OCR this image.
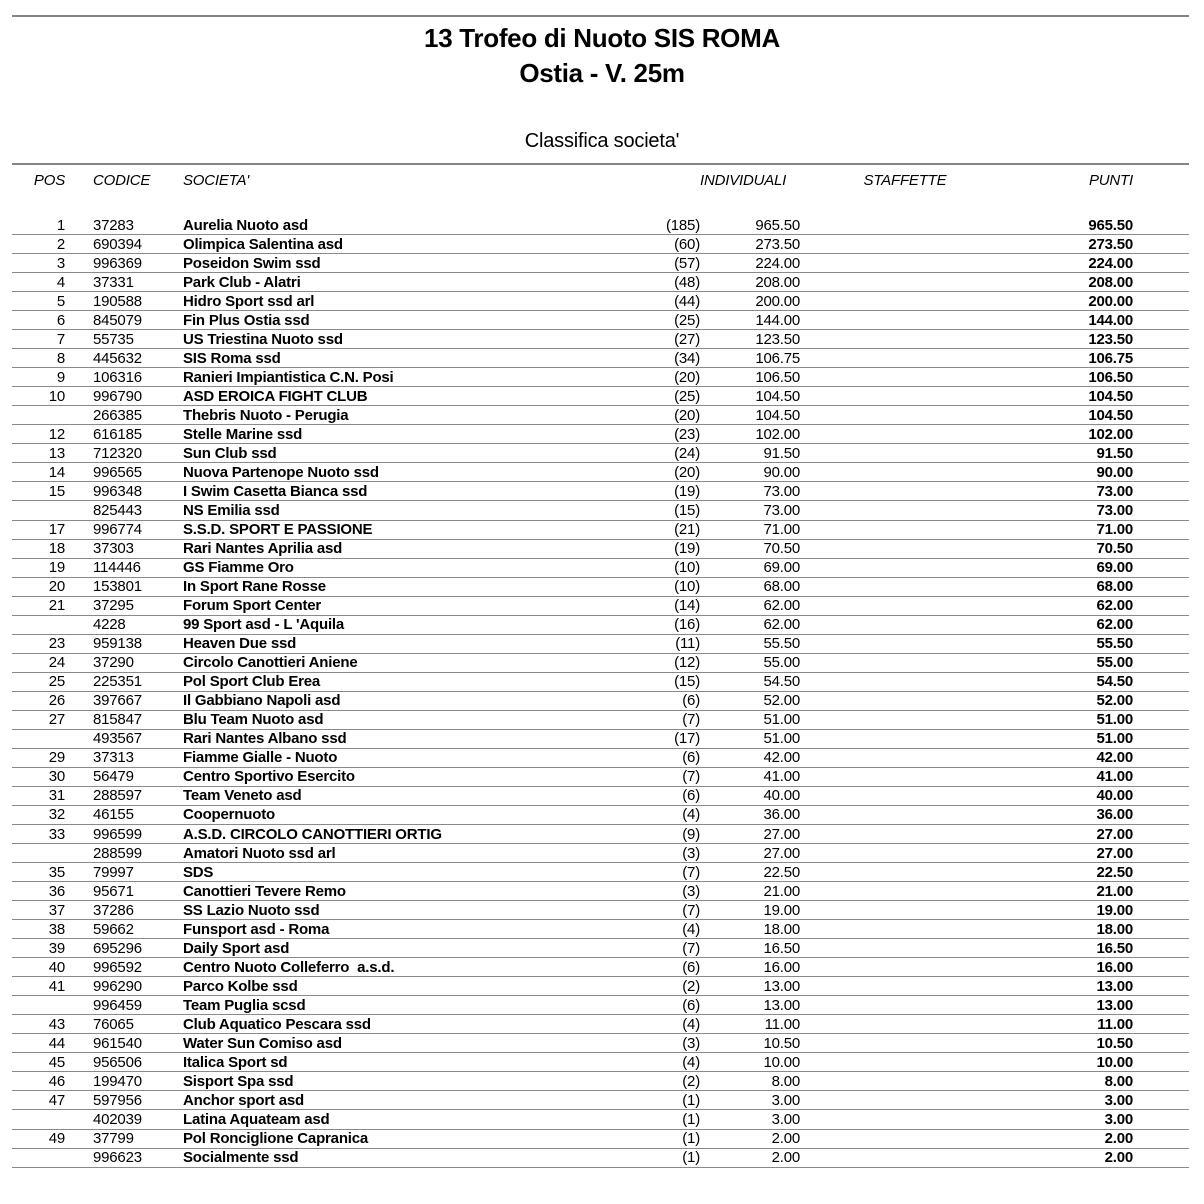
13 Trofeo di Nuoto SIS ROMA
Ostia - V. 25m
Classifica societa'
POS	CODICE	SOCIETA'		INDIVIDUALI	STAFFETTE	PUNTI	
1	37283	Aurelia Nuoto asd	(185)	965.50		965.50	
2	690394	Olimpica Salentina asd	(60)	273.50		273.50	
3	996369	Poseidon Swim ssd	(57)	224.00		224.00	
4	37331	Park Club - Alatri	(48)	208.00		208.00	
5	190588	Hidro Sport ssd arl	(44)	200.00		200.00	
6	845079	Fin Plus Ostia ssd	(25)	144.00		144.00	
7	55735	US Triestina Nuoto ssd	(27)	123.50		123.50	
8	445632	SIS Roma ssd	(34)	106.75		106.75	
9	106316	Ranieri Impiantistica C.N. Posi	(20)	106.50		106.50	
10	996790	ASD EROICA FIGHT CLUB	(25)	104.50		104.50	
	266385	Thebris Nuoto - Perugia	(20)	104.50		104.50	
12	616185	Stelle Marine ssd	(23)	102.00		102.00	
13	712320	Sun Club ssd	(24)	91.50		91.50	
14	996565	Nuova Partenope Nuoto ssd	(20)	90.00		90.00	
15	996348	I Swim Casetta Bianca ssd	(19)	73.00		73.00	
	825443	NS Emilia ssd	(15)	73.00		73.00	
17	996774	S.S.D. SPORT E PASSIONE	(21)	71.00		71.00	
18	37303	Rari Nantes Aprilia asd	(19)	70.50		70.50	
19	114446	GS Fiamme Oro	(10)	69.00		69.00	
20	153801	In Sport Rane Rosse	(10)	68.00		68.00	
21	37295	Forum Sport Center	(14)	62.00		62.00	
	4228	99 Sport asd - L 'Aquila	(16)	62.00		62.00	
23	959138	Heaven Due ssd	(11)	55.50		55.50	
24	37290	Circolo Canottieri Aniene	(12)	55.00		55.00	
25	225351	Pol Sport Club Erea	(15)	54.50		54.50	
26	397667	Il Gabbiano Napoli asd	(6)	52.00		52.00	
27	815847	Blu Team Nuoto asd	(7)	51.00		51.00	
	493567	Rari Nantes Albano ssd	(17)	51.00		51.00	
29	37313	Fiamme Gialle - Nuoto	(6)	42.00		42.00	
30	56479	Centro Sportivo Esercito	(7)	41.00		41.00	
31	288597	Team Veneto asd	(6)	40.00		40.00	
32	46155	Coopernuoto	(4)	36.00		36.00	
33	996599	A.S.D. CIRCOLO CANOTTIERI ORTIG	(9)	27.00		27.00	
	288599	Amatori Nuoto ssd arl	(3)	27.00		27.00	
35	79997	SDS	(7)	22.50		22.50	
36	95671	Canottieri Tevere Remo	(3)	21.00		21.00	
37	37286	SS Lazio Nuoto ssd	(7)	19.00		19.00	
38	59662	Funsport asd - Roma	(4)	18.00		18.00	
39	695296	Daily Sport asd	(7)	16.50		16.50	
40	996592	Centro Nuoto Colleferro  a.s.d.	(6)	16.00		16.00	
41	996290	Parco Kolbe ssd	(2)	13.00		13.00	
	996459	Team Puglia scsd	(6)	13.00		13.00	
43	76065	Club Aquatico Pescara ssd	(4)	11.00		11.00	
44	961540	Water Sun Comiso asd	(3)	10.50		10.50	
45	956506	Italica Sport sd	(4)	10.00		10.00	
46	199470	Sisport Spa ssd	(2)	8.00		8.00	
47	597956	Anchor sport asd	(1)	3.00		3.00	
	402039	Latina Aquateam asd	(1)	3.00		3.00	
49	37799	Pol Ronciglione Capranica	(1)	2.00		2.00	
	996623	Socialmente ssd	(1)	2.00		2.00	
